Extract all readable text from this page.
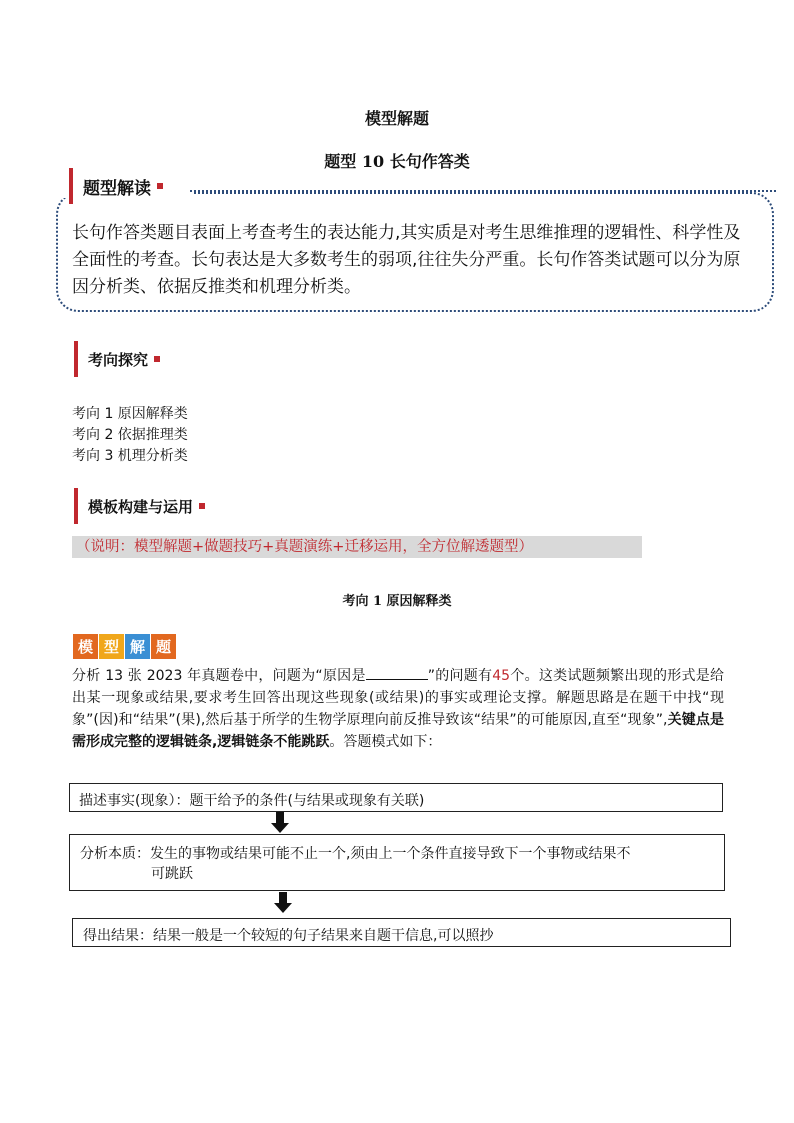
模型解题
题型 10 长句作答类
题型解读
长句作答类题目表面上考查考生的表达能力,其实质是对考生思维推理的逻辑性、科学性及全面性的考查。长句表达是大多数考生的弱项,往往失分严重。长句作答类试题可以分为原因分析类、依据反推类和机理分析类。
考向探究
考向 1 原因解释类
考向 2 依据推理类
考向 3 机理分析类
模板构建与运用
（说明：模型解题+做题技巧+真题演练+迁移运用，全方位解透题型）
考向 1 原因解释类
模 型 解 题
分析 13 张 2023 年真题卷中，问题为“原因是	”的问题有45个。这类试题频繁出现的形式是给出某一现象或结果,要求考生回答出现这些现象(或结果)的事实或理论支撑。解题思路是在题干中找“现象”(因)和“结果”(果),然后基于所学的生物学原理向前反推导致该“结果”的可能原因,直至“现象”,关键点是需形成完整的逻辑链条,逻辑链条不能跳跃。答题模式如下：
描述事实(现象）：题干给予的条件(与结果或现象有关联)
分析本质：发生的事物或结果可能不止一个,须由上一个条件直接导致下一个事物或结果不
可跳跃
得出结果：结果一般是一个较短的句子结果来自题干信息,可以照抄
